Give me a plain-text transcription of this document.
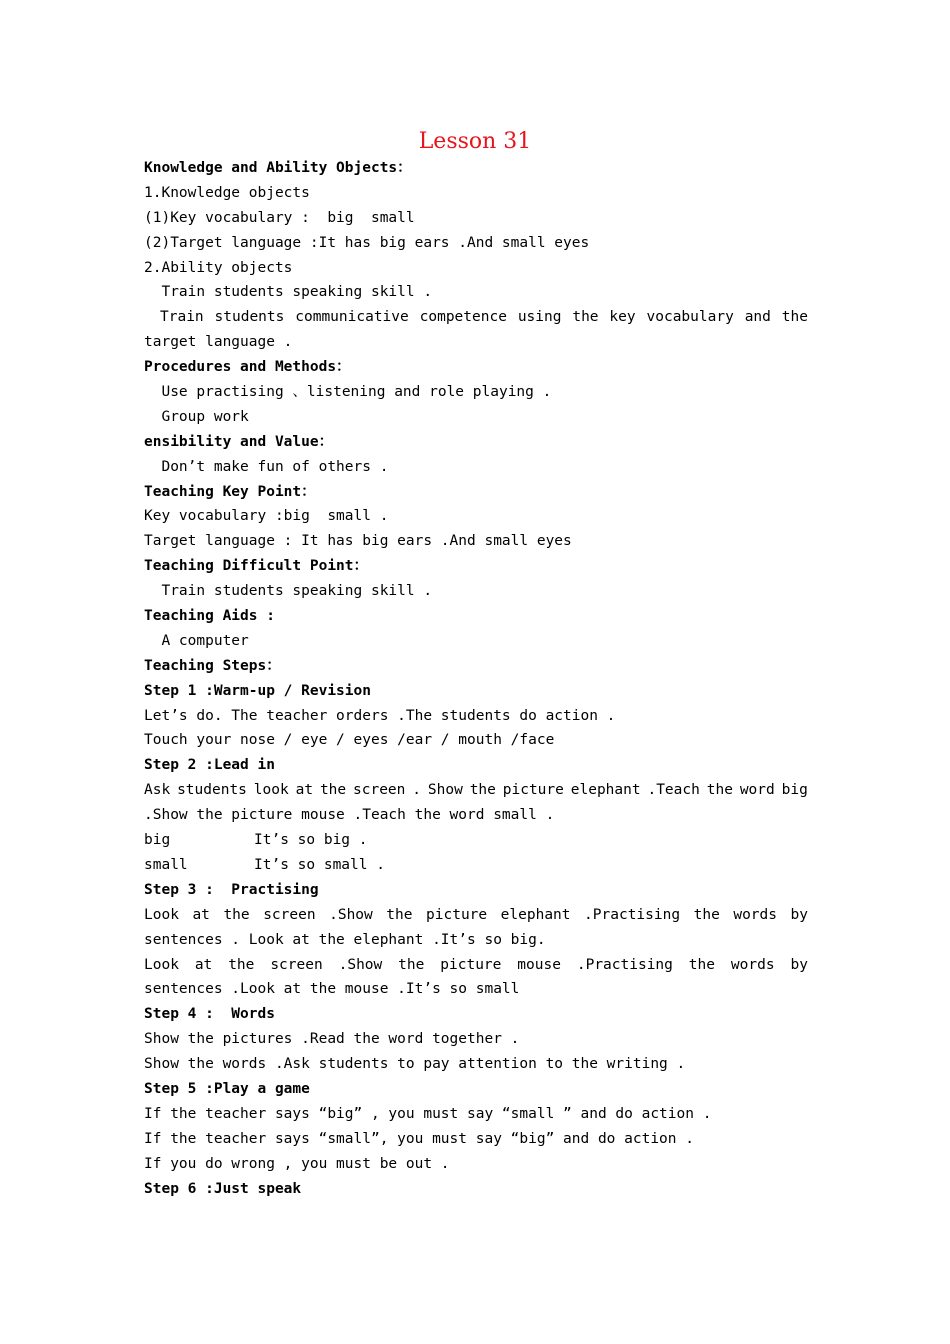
Lesson 31
Knowledge and Ability Objects：
1.Knowledge objects
(1)Key vocabulary :  big  small
(2)Target language :It has big ears .And small eyes
2.Ability objects
Train students speaking skill .
Train students communicative competence using the key vocabulary and the
target language .
Procedures and Methods：
Use practising 、listening and role playing .
Group work
ensibility and Value：
Don’t make fun of others .
Teaching Key Point：
Key vocabulary :big  small .
Target language : It has big ears .And small eyes
Teaching Difficult Point：
Train students speaking skill .
Teaching Aids :
A computer
Teaching Steps：
Step 1 :Warm-up / Revision
Let’s do. The teacher orders .The students do action .
Touch your nose / eye / eyes /ear / mouth /face
Step 2 :Lead in
Ask students look at the screen . Show the picture elephant .Teach the word big
.Show the picture mouse .Teach the word small .
big	It’s so big .
small	It’s so small .
Step 3 :  Practising
Look at the screen .Show the picture elephant .Practising the words by
sentences . Look at the elephant .It’s so big.
Look at the screen .Show the picture mouse .Practising the words by
sentences .Look at the mouse .It’s so small
Step 4 :  Words
Show the pictures .Read the word together .
Show the words .Ask students to pay attention to the writing .
Step 5 :Play a game
If the teacher says “big” , you must say “small ” and do action .
If the teacher says “small”, you must say “big” and do action .
If you do wrong , you must be out .
Step 6 :Just speak
